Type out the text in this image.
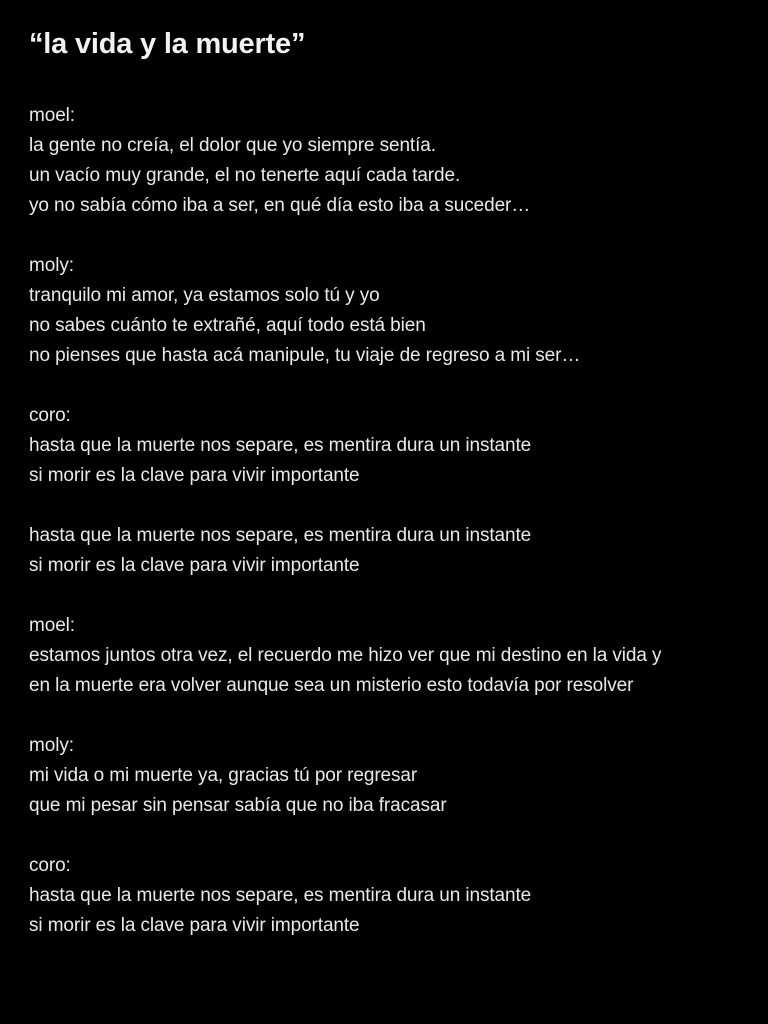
“la vida y la muerte”
moel:
la gente no creía, el dolor que yo siempre sentía.
un vacío muy grande, el no tenerte aquí cada tarde.
yo no sabía cómo iba a ser, en qué día esto iba a suceder…
moly:
tranquilo mi amor, ya estamos solo tú y yo
no sabes cuánto te extrañé, aquí todo está bien
no pienses que hasta acá manipule, tu viaje de regreso a mi ser…
coro:
hasta que la muerte nos separe, es mentira dura un instante
si morir es la clave para vivir importante
hasta que la muerte nos separe, es mentira dura un instante
si morir es la clave para vivir importante
moel:
estamos juntos otra vez, el recuerdo me hizo ver que mi destino en la vida y
en la muerte era volver aunque sea un misterio esto todavía por resolver
moly:
mi vida o mi muerte ya, gracias tú por regresar
que mi pesar sin pensar sabía que no iba fracasar
coro:
hasta que la muerte nos separe, es mentira dura un instante
si morir es la clave para vivir importante
